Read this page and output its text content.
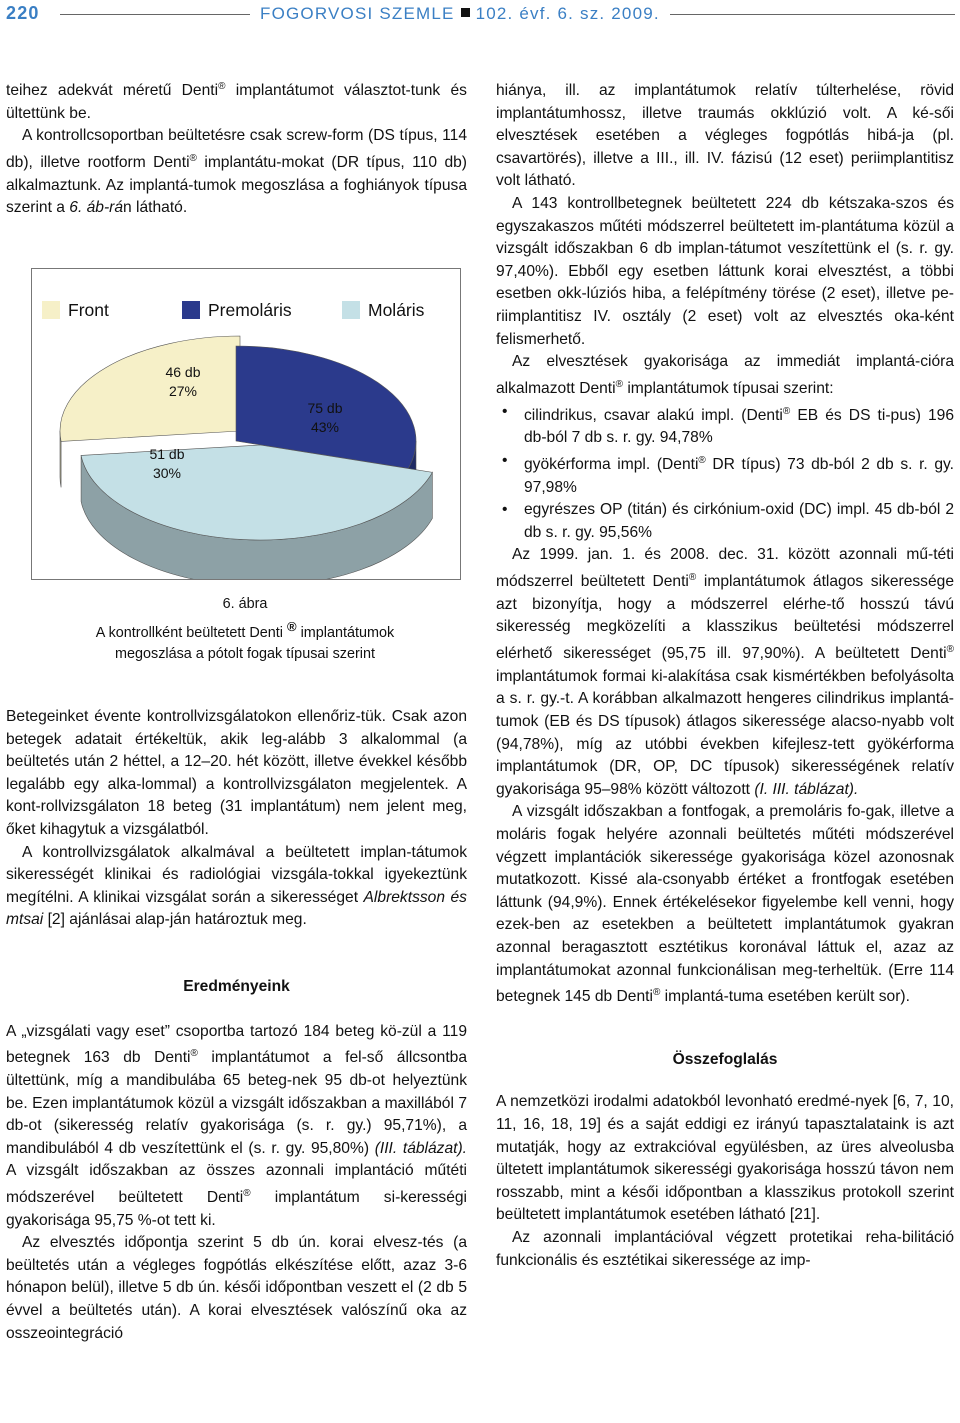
220	FOGORVOSI SZEMLE 102. évf. 6. sz. 2009.

teihez adekvát méretű Denti® implantátumot választot-tunk és ültettünk be.

A kontrollcsoportban beültetésre csak screw-form (DS típus, 114 db), illetve rootform Denti® implantátu-mokat (DR típus, 110 db) alkalmaztunk. Az implantá-tumok megoszlása a foghiányok típusa szerint a 6. áb-rán látható.

Front	Premoláris	Moláris
46 db
27%
51 db
30%
75 db
43%
6. ábra
A kontrollként beültetett Denti ® implantátumok
megoszlása a pótolt fogak típusai szerint

Betegeinket évente kontrollvizsgálatokon ellenőriz-tük. Csak azon betegek adatait értékeltük, akik leg-alább 3 alkalommal (a beültetés után 2 héttel, a 12–20. hét között, illetve évekkel később legalább egy alka-lommal) a kontrollvizsgálaton megjelentek. A kont-rollvizsgálaton 18 beteg (31 implantátum) nem jelent meg, őket kihagytuk a vizsgálatból.

A kontrollvizsgálatok alkalmával a beültetett implan-tátumok sikerességét klinikai és radiológiai vizsgála-tokkal igyekeztünk megítélni. A klinikai vizsgálat során a sikerességet Albrektsson és mtsai [2] ajánlásai alap-ján határoztuk meg.

Eredményeink

A „vizsgálati vagy eset” csoportba tartozó 184 beteg kö-zül a 119 betegnek 163 db Denti® implantátumot a fel-ső állcsontba ültettünk, míg a mandibulába 65 beteg-nek 95 db-ot helyeztünk be. Ezen implantátumok közül a vizsgált időszakban a maxillából 7 db-ot (sikeresség relatív gyakorisága (s. r. gy.) 95,71%), a mandibulából 4 db veszítettünk el (s. r. gy. 95,80%) (III. táblázat). A vizsgált időszakban az összes azonnali implantáció műtéti módszerével beültetett Denti® implantátum si-kerességi gyakorisága 95,75 %-ot tett ki.

Az elvesztés időpontja szerint 5 db ún. korai elvesz-tés (a beültetés után a végleges fogpótlás elkészítése előtt, azaz 3-6 hónapon belül), illetve 5 db ún. késői időpontban veszett el (2 db 5 évvel a beültetés után). A korai elvesztések valószínű oka az osszeointegráció

hiánya, ill. az implantátumok relatív túlterhelése, rövid implantátumhossz, illetve traumás okklúzió volt. A ké-sői elvesztések esetében a végleges fogpótlás hibá-ja (pl. csavartörés), illetve a III., ill. IV. fázisú (12 eset) periimplantitisz volt látható.

A 143 kontrollbetegnek beültetett 224 db kétszaka-szos és egyszakaszos műtéti módszerrel beültetett im-plantátuma közül a vizsgált időszakban 6 db implan-tátumot veszítettünk el (s. r. gy. 97,40%). Ebből egy esetben láttunk korai elvesztést, a többi esetben okk-lúziós hiba, a felépítmény törése (2 eset), illetve pe-riimplantitisz IV. osztály (2 eset) volt az elvesztés oka-ként felismerhető.

Az elvesztések gyakorisága az immediát implantá-cióra alkalmazott Denti® implantátumok típusai szerint:

• cilindrikus, csavar alakú impl. (Denti® EB és DS ti-pus) 196 db-ból 7 db s. r. gy. 94,78%
• gyökérforma impl. (Denti® DR típus) 73 db-ból 2 db s. r. gy. 97,98%
• egyrészes OP (titán) és cirkónium-oxid (DC) impl. 45 db-ból 2 db s. r. gy. 95,56%

Az 1999. jan. 1. és 2008. dec. 31. között azonnali mű-téti módszerrel beültetett Denti® implantátumok átlagos sikeressége azt bizonyítja, hogy a módszerrel elérhe-tő hosszú távú sikeresség megközelíti a klasszikus beültetési módszerrel elérhető sikerességet (95,75 ill. 97,90%). A beültetett Denti® implantátumok formai ki-alakítása csak kismértékben befolyásolta a s. r. gy.-t. A korábban alkalmazott hengeres cilindrikus implantá-tumok (EB és DS típusok) átlagos sikeressége alacso-nyabb volt (94,78%), míg az utóbbi években kifejlesz-tett gyökérforma implantátumok (DR, OP, DC típusok) sikerességének relatív gyakorisága 95–98% között változott (I. III. táblázat).

A vizsgált időszakban a fontfogak, a premoláris fo-gak, illetve a moláris fogak helyére azonnali beültetés műtéti módszerével végzett implantációk sikeressége gyakorisága közel azonosnak mutatkozott. Kissé ala-csonyabb értéket a frontfogak esetében láttunk (94,9%). Ennek értékelésekor figyelembe kell venni, hogy ezek-ben az esetekben a beültetett implantátumok gyakran azonnal beragasztott esztétikus koronával láttuk el, azaz az implantátumokat azonnal funkcionálisan meg-terheltük. (Erre 114 betegnek 145 db Denti® implantá-tuma esetében került sor).

Összefoglalás

A nemzetközi irodalmi adatokból levonható eredmé-nyek [6, 7, 10, 11, 16, 18, 19] és a saját eddigi ez irányú tapasztalataink is azt mutatják, hogy az extrakcióval együlésben, az üres alveolusba ültetett implantátumok sikerességi gyakorisága hosszú távon nem rosszabb, mint a késői időpontban a klasszikus protokoll szerint beültetett implantátumok esetében látható [21].

Az azonnali implantációval végzett protetikai reha-bilitáció funkcionális és esztétikai sikeressége az imp-
